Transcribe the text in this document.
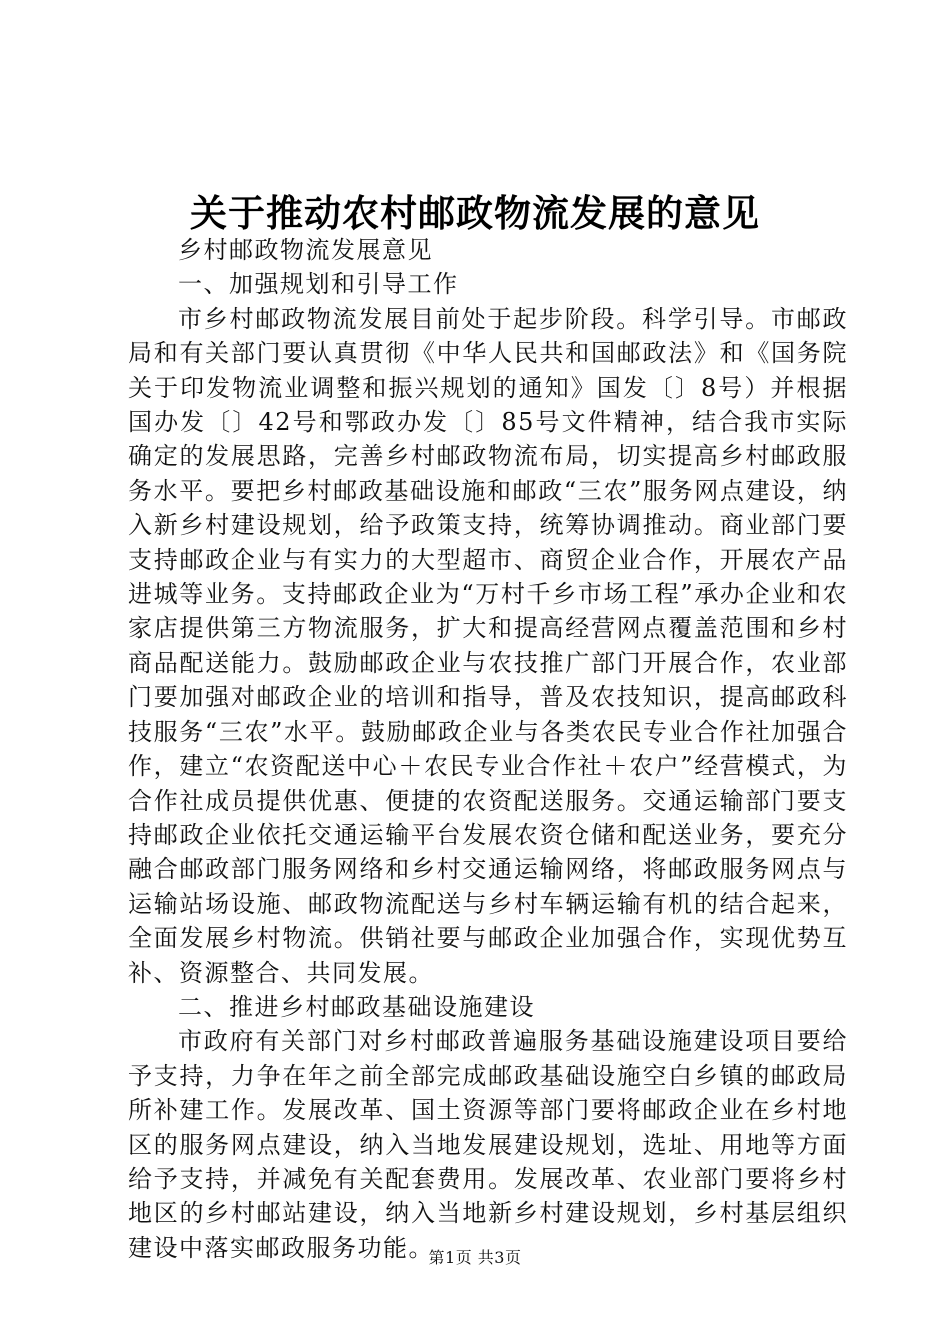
关于推动农村邮政物流发展的意见

乡村邮政物流发展意见

一、加强规划和引导工作

市乡村邮政物流发展目前处于起步阶段。科学引导。市邮政局和有关部门要认真贯彻《中华人民共和国邮政法》和《国务院关于印发物流业调整和振兴规划的通知》国发〔〕8号）并根据国办发〔〕42号和鄂政办发〔〕85号文件精神，结合我市实际确定的发展思路，完善乡村邮政物流布局，切实提高乡村邮政服务水平。要把乡村邮政基础设施和邮政“三农”服务网点建设，纳入新乡村建设规划，给予政策支持，统筹协调推动。商业部门要支持邮政企业与有实力的大型超市、商贸企业合作，开展农产品进城等业务。支持邮政企业为“万村千乡市场工程”承办企业和农家店提供第三方物流服务，扩大和提高经营网点覆盖范围和乡村商品配送能力。鼓励邮政企业与农技推广部门开展合作，农业部门要加强对邮政企业的培训和指导，普及农技知识，提高邮政科技服务“三农”水平。鼓励邮政企业与各类农民专业合作社加强合作，建立“农资配送中心＋农民专业合作社＋农户”经营模式，为合作社成员提供优惠、便捷的农资配送服务。交通运输部门要支持邮政企业依托交通运输平台发展农资仓储和配送业务，要充分融合邮政部门服务网络和乡村交通运输网络，将邮政服务网点与运输站场设施、邮政物流配送与乡村车辆运输有机的结合起来，全面发展乡村物流。供销社要与邮政企业加强合作，实现优势互补、资源整合、共同发展。

二、推进乡村邮政基础设施建设

市政府有关部门对乡村邮政普遍服务基础设施建设项目要给予支持，力争在年之前全部完成邮政基础设施空白乡镇的邮政局所补建工作。发展改革、国土资源等部门要将邮政企业在乡村地区的服务网点建设，纳入当地发展建设规划，选址、用地等方面给予支持，并减免有关配套费用。发展改革、农业部门要将乡村地区的乡村邮站建设，纳入当地新乡村建设规划，乡村基层组织建设中落实邮政服务功能。

第1页 共3页
